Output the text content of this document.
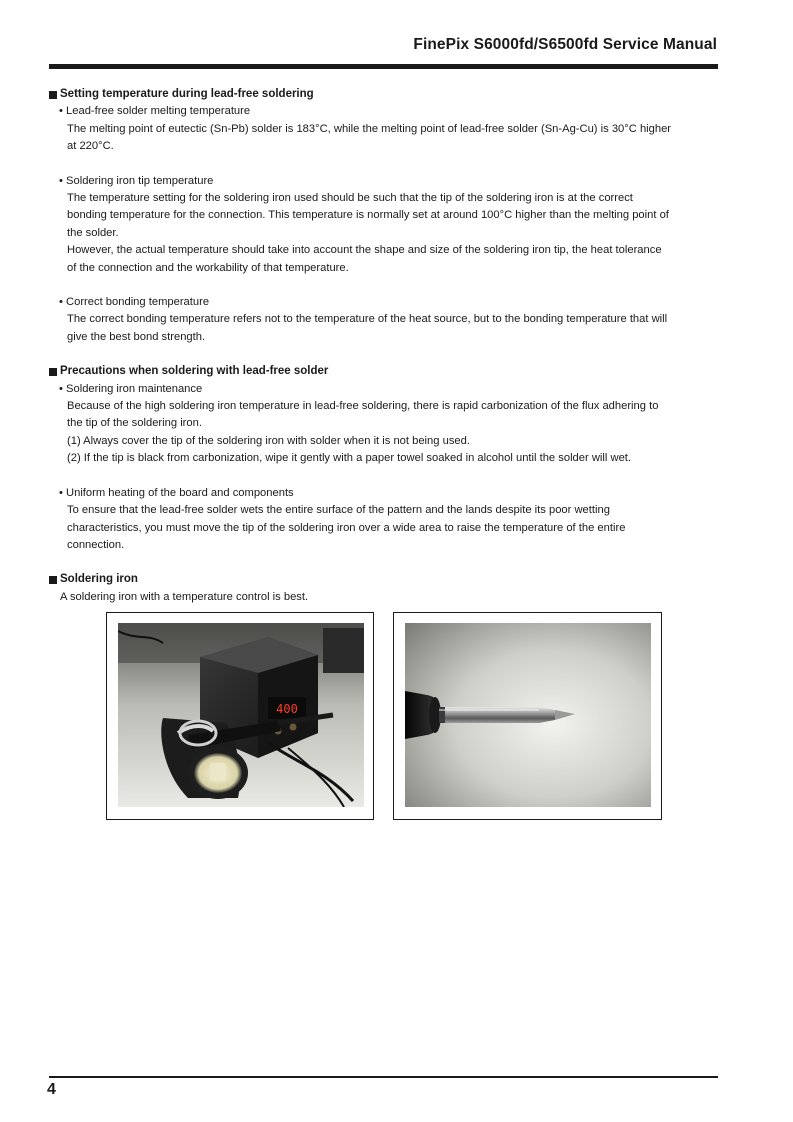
FinePix S6000fd/S6500fd Service Manual
Setting temperature during lead-free soldering
• Lead-free solder melting temperature
The melting point of eutectic (Sn-Pb) solder is 183°C, while the melting point of lead-free solder (Sn-Ag-Cu) is 30°C higher
at 220°C.
• Soldering iron tip temperature
The temperature setting for the soldering iron used should be such that the tip of the soldering iron is at the correct
bonding temperature for the connection. This temperature is normally set at around 100°C higher than the melting point of
the solder.
However, the actual temperature should take into account the shape and size of the soldering iron tip, the heat tolerance
of the connection and the workability of that temperature.
• Correct bonding temperature
The correct bonding temperature refers not to the temperature of the heat source, but to the bonding temperature that will
give the best bond strength.
Precautions when soldering with lead-free solder
• Soldering iron maintenance
Because of the high soldering iron temperature in lead-free soldering, there is rapid carbonization of the flux adhering to
the tip of the soldering iron.
(1) Always cover the tip of the soldering iron with solder when it is not being used.
(2) If the tip is black from carbonization, wipe it gently with a paper towel soaked in alcohol until the solder will wet.
• Uniform heating of the board and components
To ensure that the lead-free solder wets the entire surface of the pattern and the lands despite its poor wetting
characteristics, you must move the tip of the soldering iron over a wide area to raise the temperature of the entire
connection.
Soldering iron
A soldering iron with a temperature control is best.
400
4
